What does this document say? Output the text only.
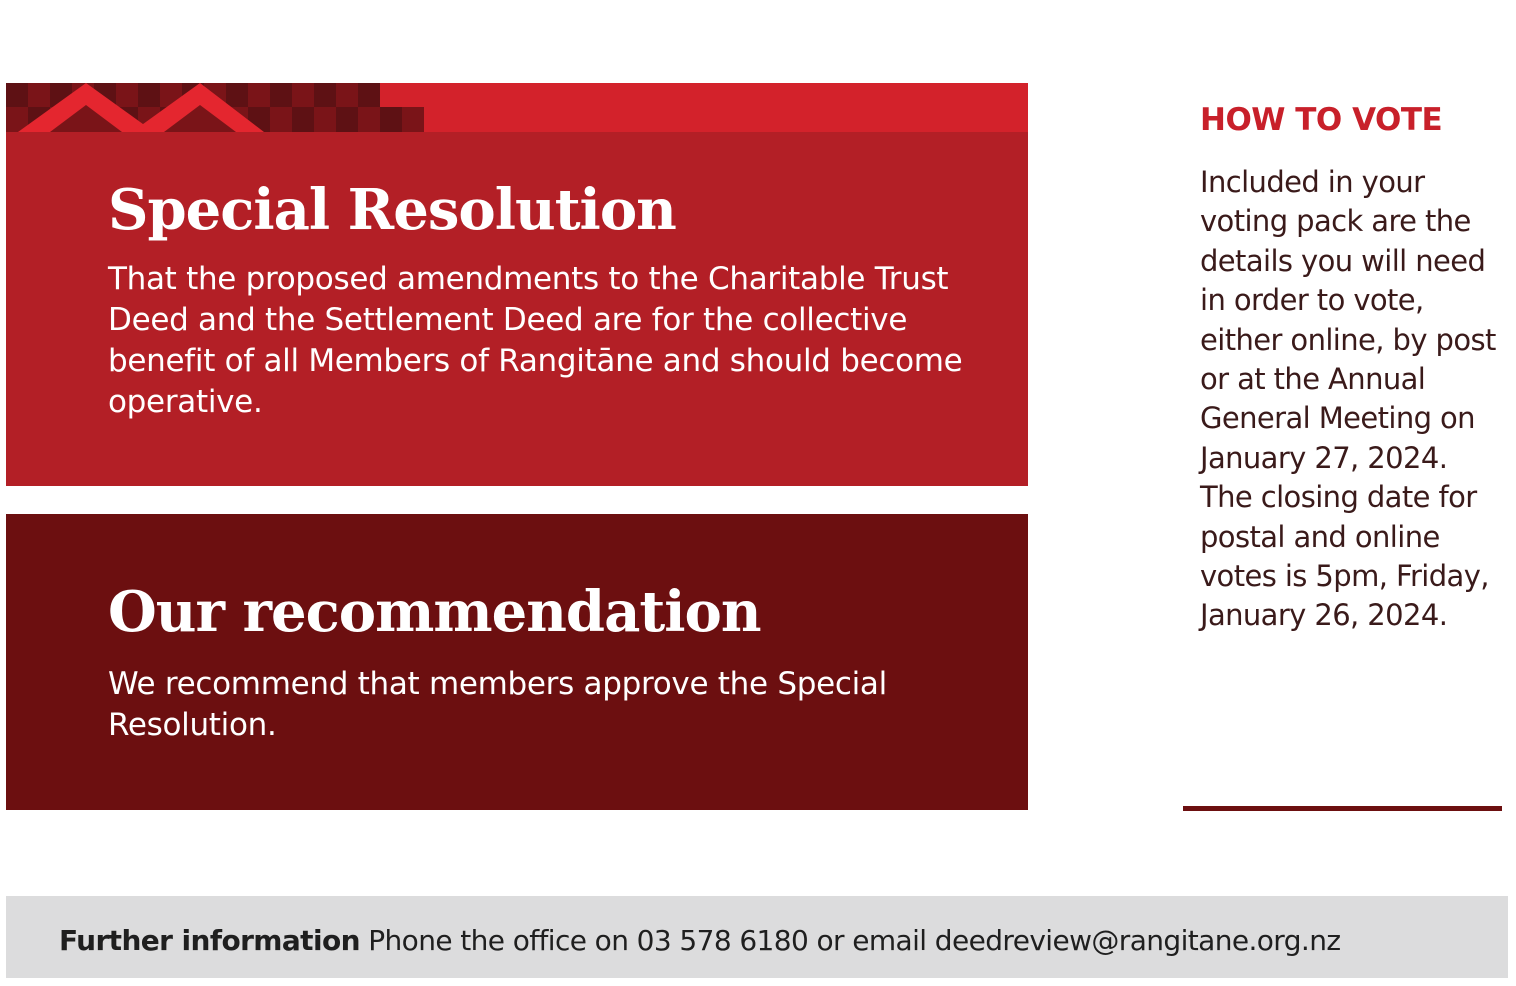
Special Resolution

That the proposed amendments to the Charitable Trust Deed and the Settlement Deed are for the collective benefit of all Members of Rangitāne and should become operative.

Our recommendation

We recommend that members approve the Special Resolution.

HOW TO VOTE

Included in your voting pack are the details you will need in order to vote, either online, by post or at the Annual General Meeting on January 27, 2024. The closing date for postal and online votes is 5pm, Friday, January 26, 2024.

Further information Phone the office on 03 578 6180 or email deedreview@rangitane.org.nz
